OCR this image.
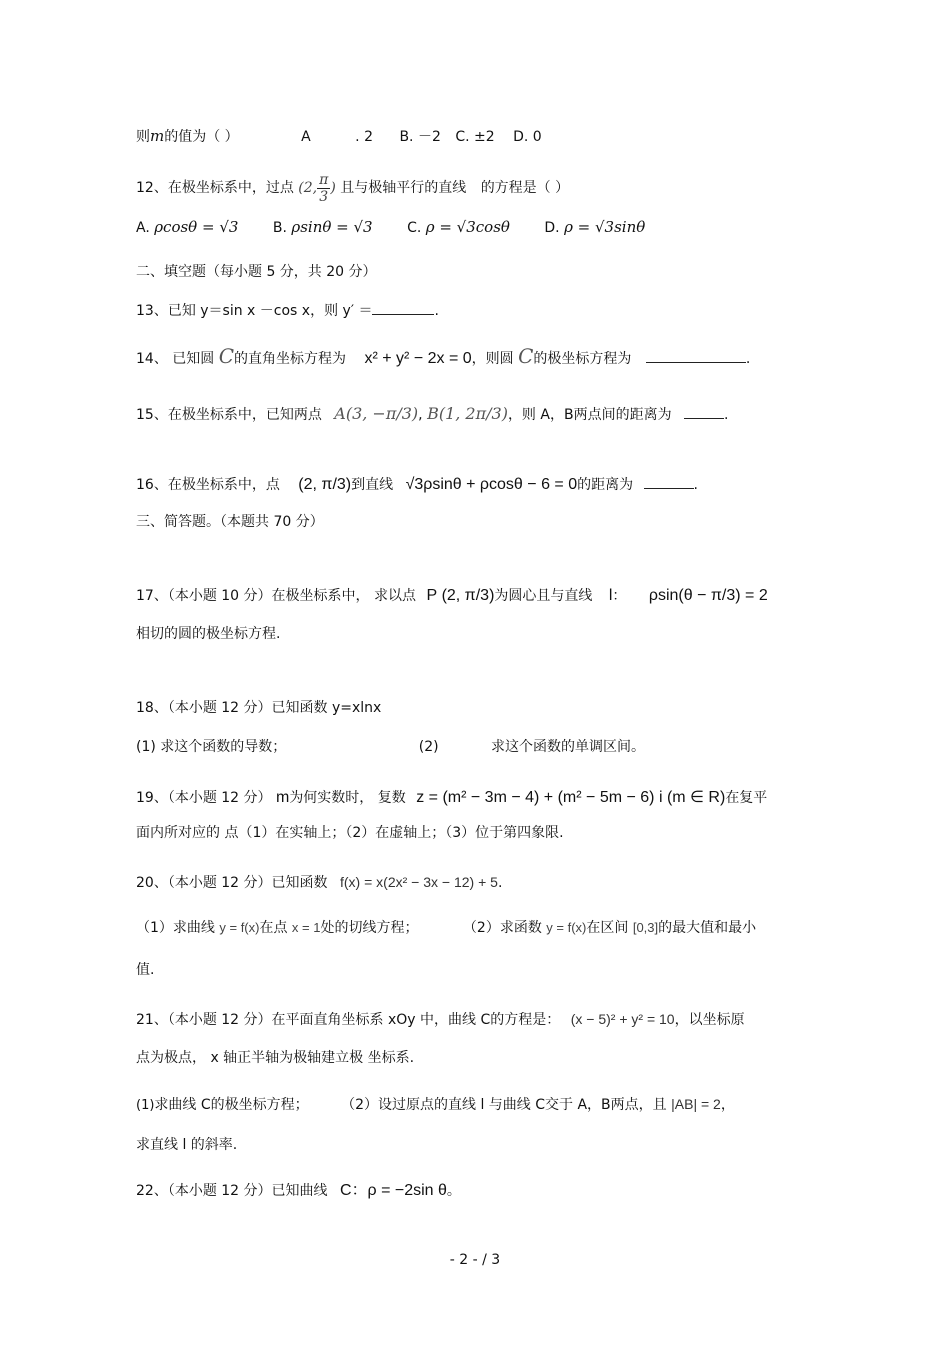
则m的值为（ ）	A	. 2 B. －2 C. ±2 D. 0
12、在极坐标系中，过点 (2, $\frac{\pi}{3}$ ) 且与极轴平行的直线 的方程是（ ）
A. ρcosθ = √3 B. ρsinθ = √3 C. ρ = √3cosθ D. ρ = √3sinθ
二、填空题（每小题 5 分，共 20 分）
13、已知 y＝sin x －cos x，则 y′ ＝	.
14、 已知圆 C的直角坐标方程为 x² + y² − 2x = 0，则圆 C的极坐标方程为	.
15、在极坐标系中，已知两点 A(3, −π/3), B(1, 2π/3)，则 A，B两点间的距离为	.
16、在极坐标系中，点 (2, π/3)到直线 √3ρsinθ + ρcosθ − 6 = 0的距离为	.
三、简答题。（本题共 70 分）
17、（本小题 10 分）在极坐标系中， 求以点 P (2, π/3)为圆心且与直线 l： ρsin(θ − π/3) = 2
相切的圆的极坐标方程.
18、（本小题 12 分）已知函数 y=xlnx
(1) 求这个函数的导数；	(2)	求这个函数的单调区间。
19、（本小题 12 分） m为何实数时， 复数 z = (m² − 3m − 4) + (m² − 5m − 6) i (m ∈ R)在复平
面内所对应的 点（1）在实轴上；（2）在虚轴上；（3）位于第四象限.
20、（本小题 12 分）已知函数 f(x) = x(2x² − 3x − 12) + 5.
（1）求曲线 y = f(x)在点 x = 1处的切线方程；	（2）求函数 y = f(x)在区间 [0,3]的最大值和最小
值.
21、（本小题 12 分）在平面直角坐标系 xOy 中，曲线 C的方程是： (x − 5)² + y² = 10，以坐标原
点为极点， x 轴正半轴为极轴建立极 坐标系.
(1)求曲线 C的极坐标方程； （2）设过原点的直线 l 与曲线 C交于 A，B两点，且 |AB| = 2，
求直线 l 的斜率.
22、（本小题 12 分）已知曲线 C：ρ = −2sin θ。
- 2 - / 3
